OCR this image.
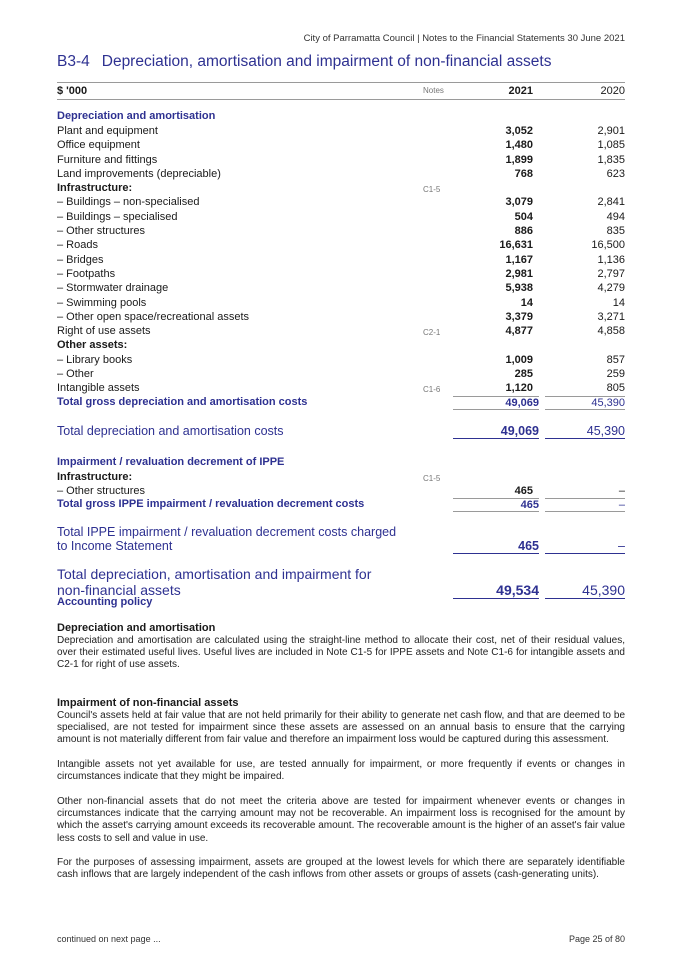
City of Parramatta Council | Notes to the Financial Statements 30 June 2021
B3-4 Depreciation, amortisation and impairment of non-financial assets
$ '000	Notes	2021	2020
Depreciation and amortisation
Plant and equipment	3,052	2,901
Office equipment	1,480	1,085
Furniture and fittings	1,899	1,835
Land improvements (depreciable)	768	623
Infrastructure:	C1-5
– Buildings – non-specialised	3,079	2,841
– Buildings – specialised	504	494
– Other structures	886	835
– Roads	16,631	16,500
– Bridges	1,167	1,136
– Footpaths	2,981	2,797
– Stormwater drainage	5,938	4,279
– Swimming pools	14	14
– Other open space/recreational assets	3,379	3,271
Right of use assets	C2-1	4,877	4,858
Other assets:
– Library books	1,009	857
– Other	285	259
Intangible assets	C1-6	1,120	805
Total gross depreciation and amortisation costs	49,069	45,390
Total depreciation and amortisation costs	49,069	45,390
Impairment / revaluation decrement of IPPE
Infrastructure:	C1-5
– Other structures	465	–
Total gross IPPE impairment / revaluation decrement costs	465	–
Total IPPE impairment / revaluation decrement costs charged
to Income Statement	465	–
Total depreciation, amortisation and impairment for
non-financial assets	49,534	45,390
Accounting policy
Depreciation and amortisation
Depreciation and amortisation are calculated using the straight-line method to allocate their cost, net of their residual values, over their estimated useful lives. Useful lives are included in Note C1-5 for IPPE assets and Note C1-6 for intangible assets and C2-1 for right of use assets.
Impairment of non-financial assets
Council's assets held at fair value that are not held primarily for their ability to generate net cash flow, and that are deemed to be specialised, are not tested for impairment since these assets are assessed on an annual basis to ensure that the carrying amount is not materially different from fair value and therefore an impairment loss would be captured during this assessment.
Intangible assets not yet available for use, are tested annually for impairment, or more frequently if events or changes in circumstances indicate that they might be impaired.
Other non-financial assets that do not meet the criteria above are tested for impairment whenever events or changes in circumstances indicate that the carrying amount may not be recoverable. An impairment loss is recognised for the amount by which the asset's carrying amount exceeds its recoverable amount. The recoverable amount is the higher of an asset's fair value less costs to sell and value in use.
For the purposes of assessing impairment, assets are grouped at the lowest levels for which there are separately identifiable cash inflows that are largely independent of the cash inflows from other assets or groups of assets (cash-generating units).
continued on next page ...	Page 25 of 80
